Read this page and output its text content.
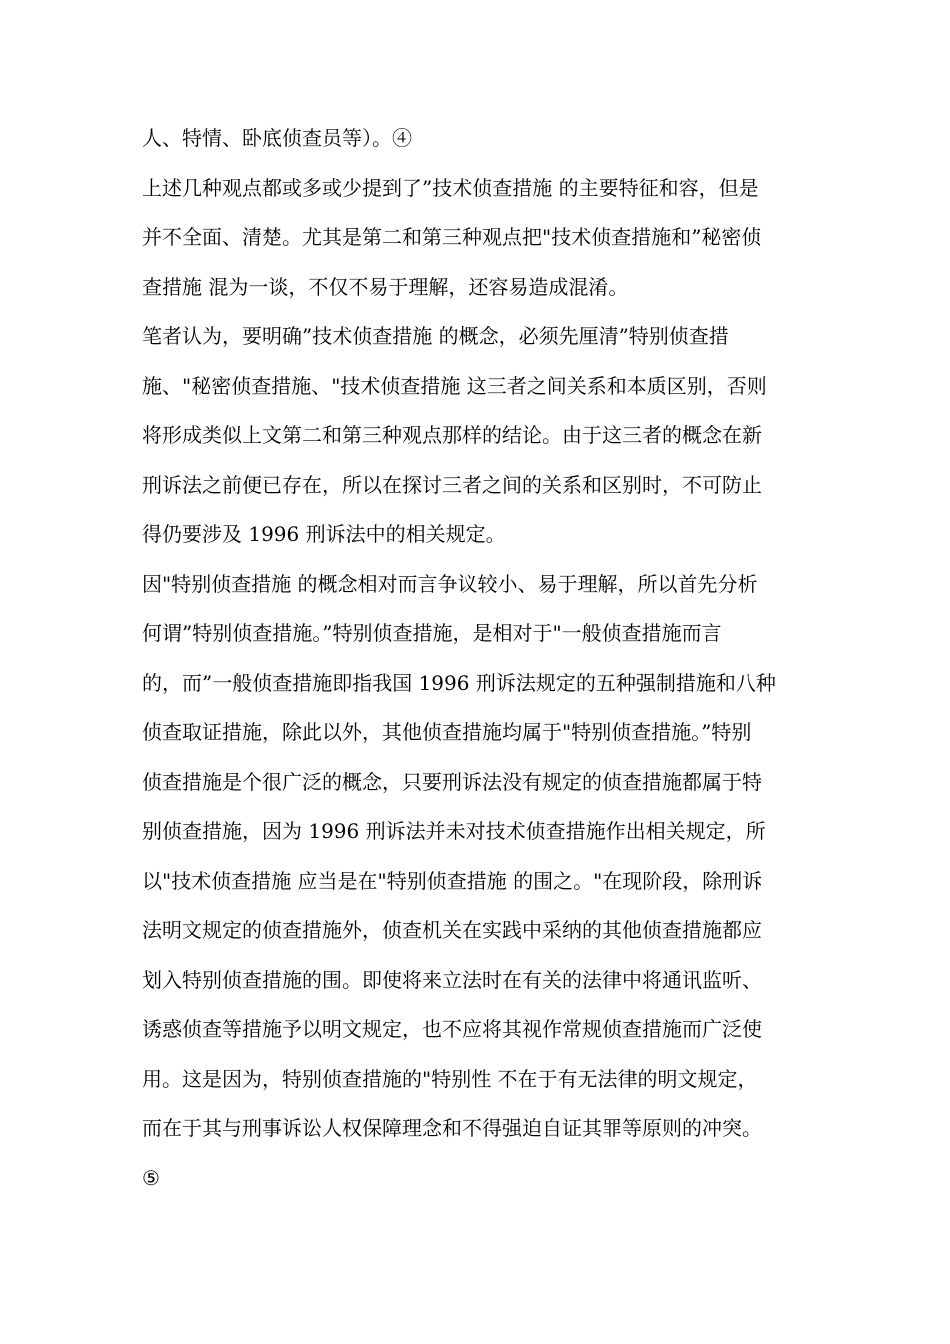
人、特情、卧底侦查员等）。④
上述几种观点都或多或少提到了”技术侦查措施 的主要特征和容，但是
并不全面、清楚。尤其是第二和第三种观点把"技术侦查措施和”秘密侦
查措施 混为一谈，不仅不易于理解，还容易造成混淆。
笔者认为，要明确”技术侦查措施 的概念，必须先厘清”特别侦查措
施、"秘密侦查措施、"技术侦查措施 这三者之间关系和本质区别，否则
将形成类似上文第二和第三种观点那样的结论。由于这三者的概念在新
刑诉法之前便已存在，所以在探讨三者之间的关系和区别时，不可防止
得仍要涉及 1996 刑诉法中的相关规定。
因"特别侦查措施 的概念相对而言争议较小、易于理解，所以首先分析
何谓”特别侦查措施。”特别侦查措施，是相对于"一般侦查措施而言
的，而”一般侦查措施即指我国 1996 刑诉法规定的五种强制措施和八种
侦查取证措施，除此以外，其他侦查措施均属于"特别侦查措施。”特别
侦查措施是个很广泛的概念，只要刑诉法没有规定的侦查措施都属于特
别侦查措施，因为 1996 刑诉法并未对技术侦查措施作出相关规定，所
以"技术侦查措施 应当是在"特别侦查措施 的围之。"在现阶段，除刑诉
法明文规定的侦查措施外，侦查机关在实践中采纳的其他侦查措施都应
划入特别侦查措施的围。即使将来立法时在有关的法律中将通讯监听、
诱惑侦查等措施予以明文规定，也不应将其视作常规侦查措施而广泛使
用。这是因为，特别侦查措施的"特别性 不在于有无法律的明文规定，
而在于其与刑事诉讼人权保障理念和不得强迫自证其罪等原则的冲突。
⑤
